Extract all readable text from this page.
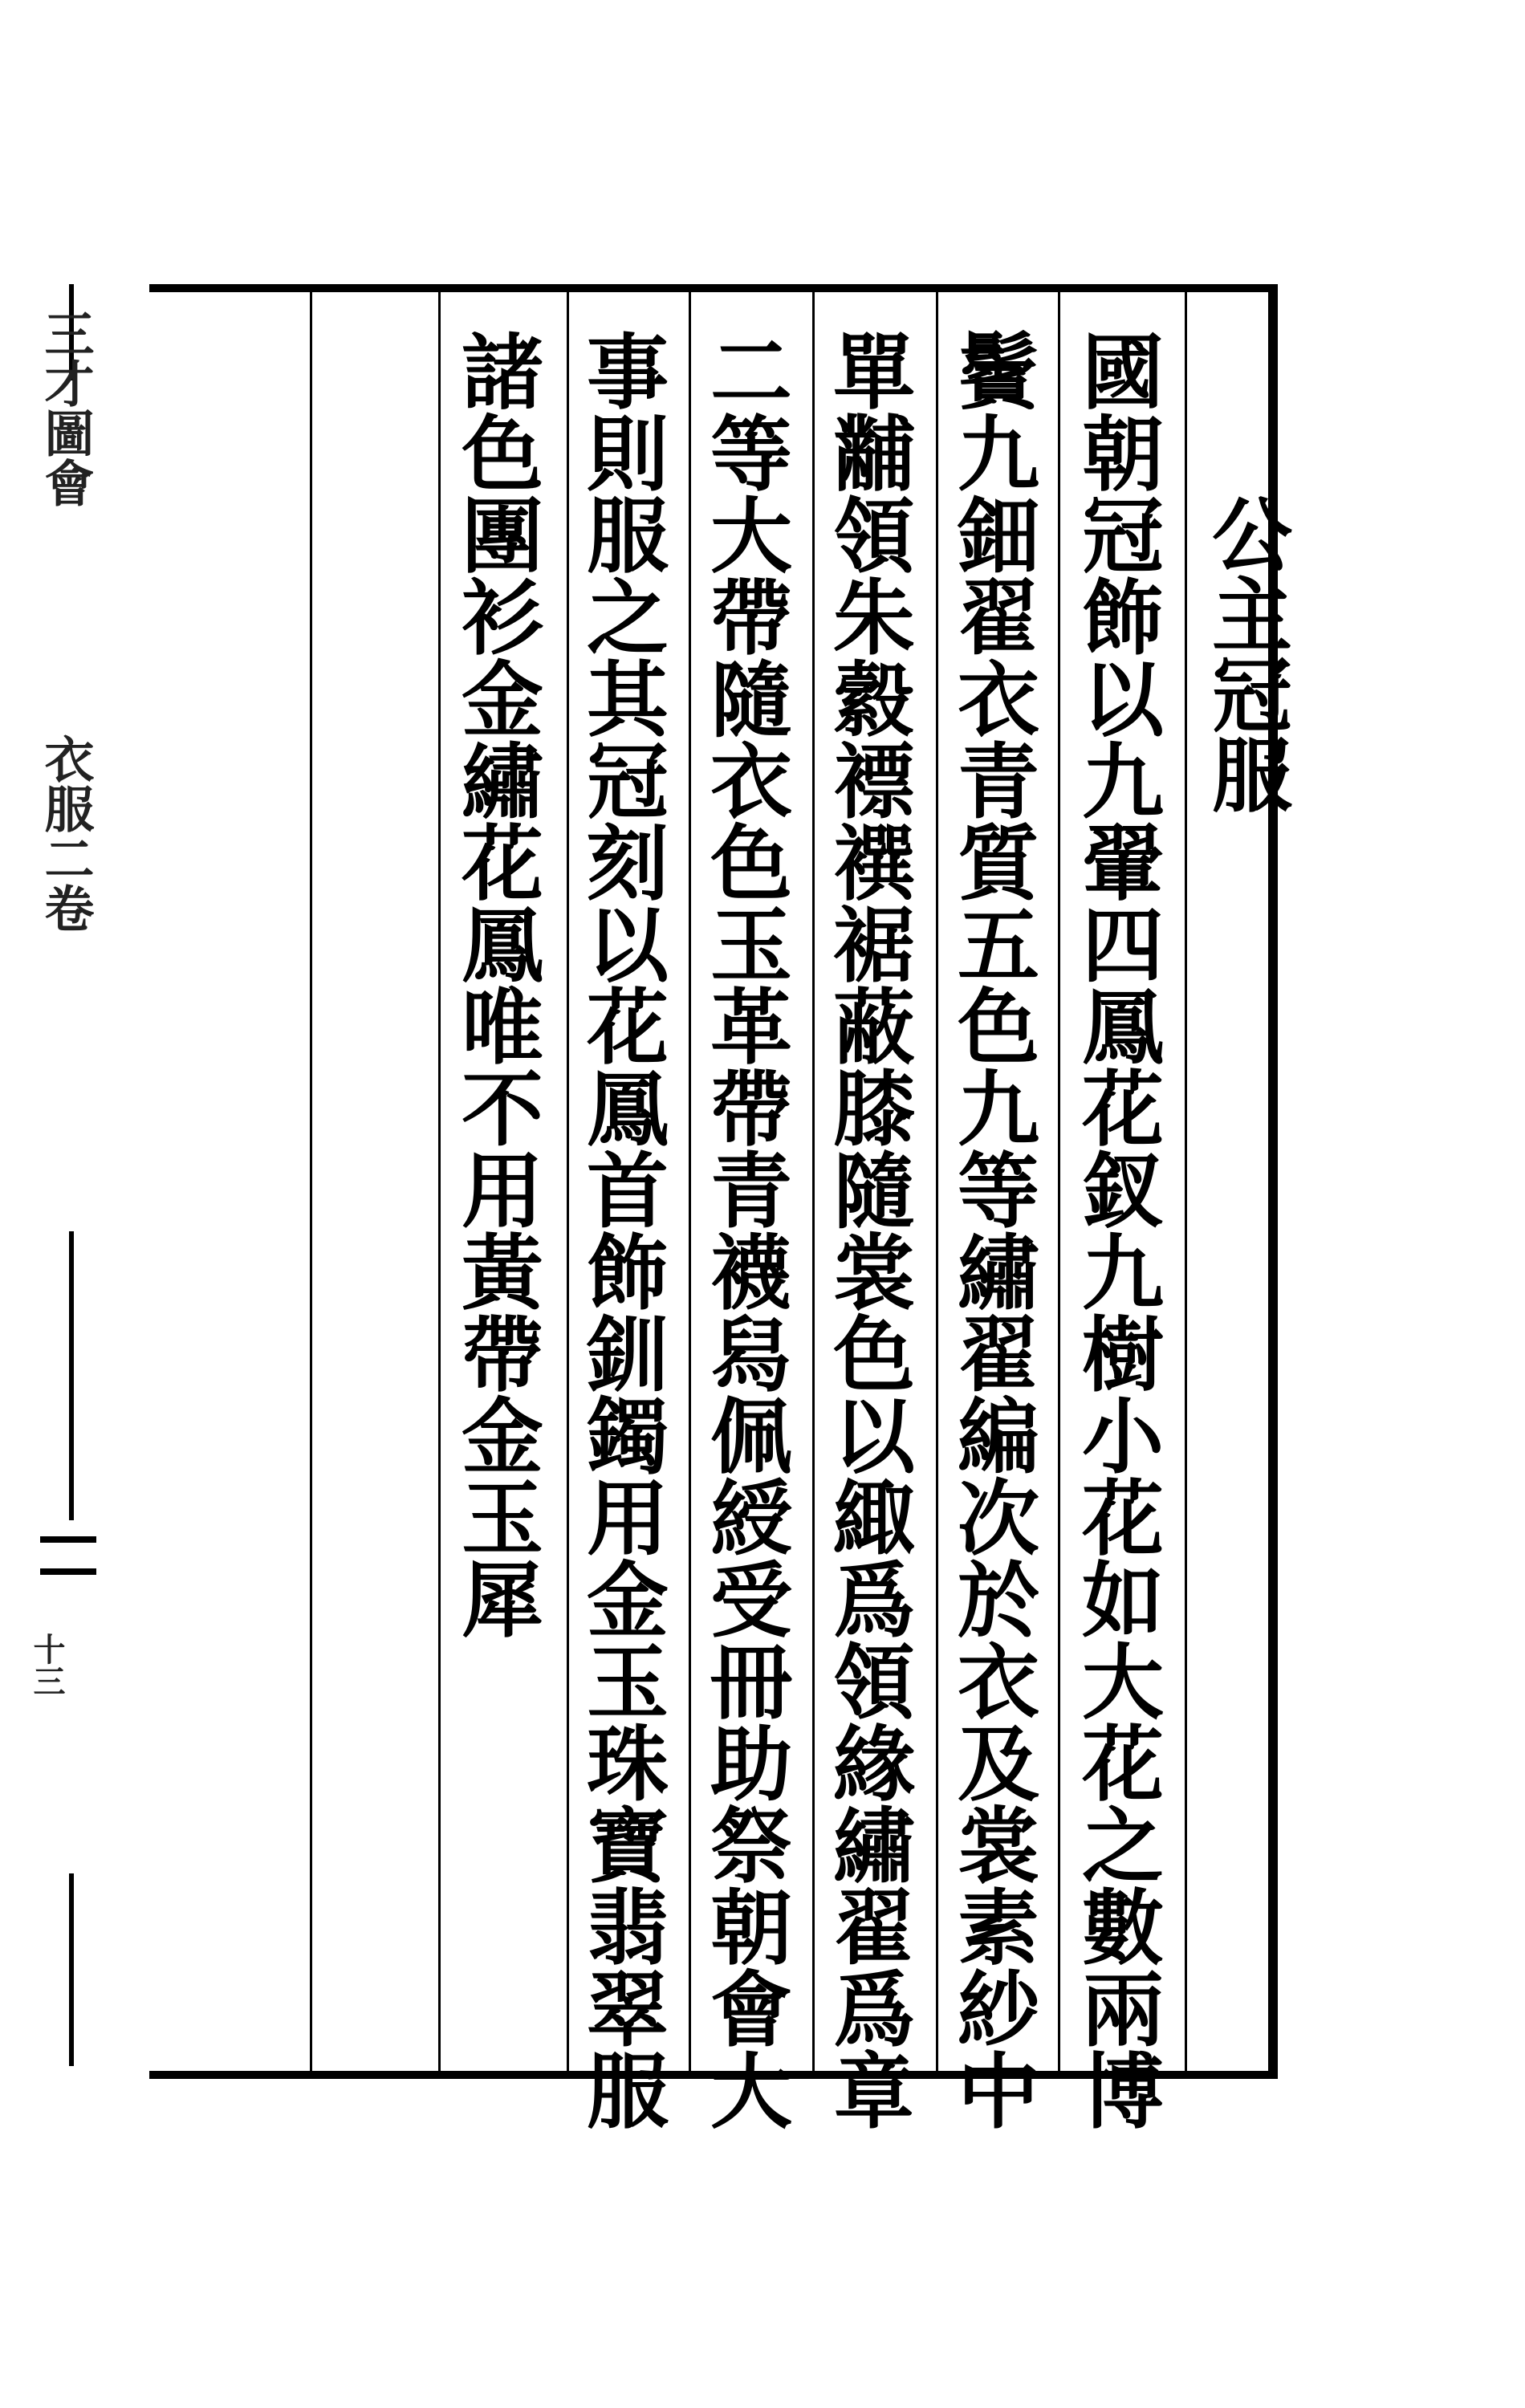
三才圖會
衣服二卷
十三
公主冠服
國朝冠飾以九翬四鳳花釵九樹小花如大花之數兩博
鬢九鈿翟衣青質五色九等繡翟編次於衣及裳素紗中
單黼領朱縠褾襈裾蔽膝隨裳色以緅爲領緣繡翟爲章
二等大帶隨衣色玉革帶青襪舄佩綬受冊助祭朝會大
事則服之其冠刻以花鳳首飾釧鐲用金玉珠寶翡翠服
諸色團衫金繡花鳳唯不用黃帶金玉犀
